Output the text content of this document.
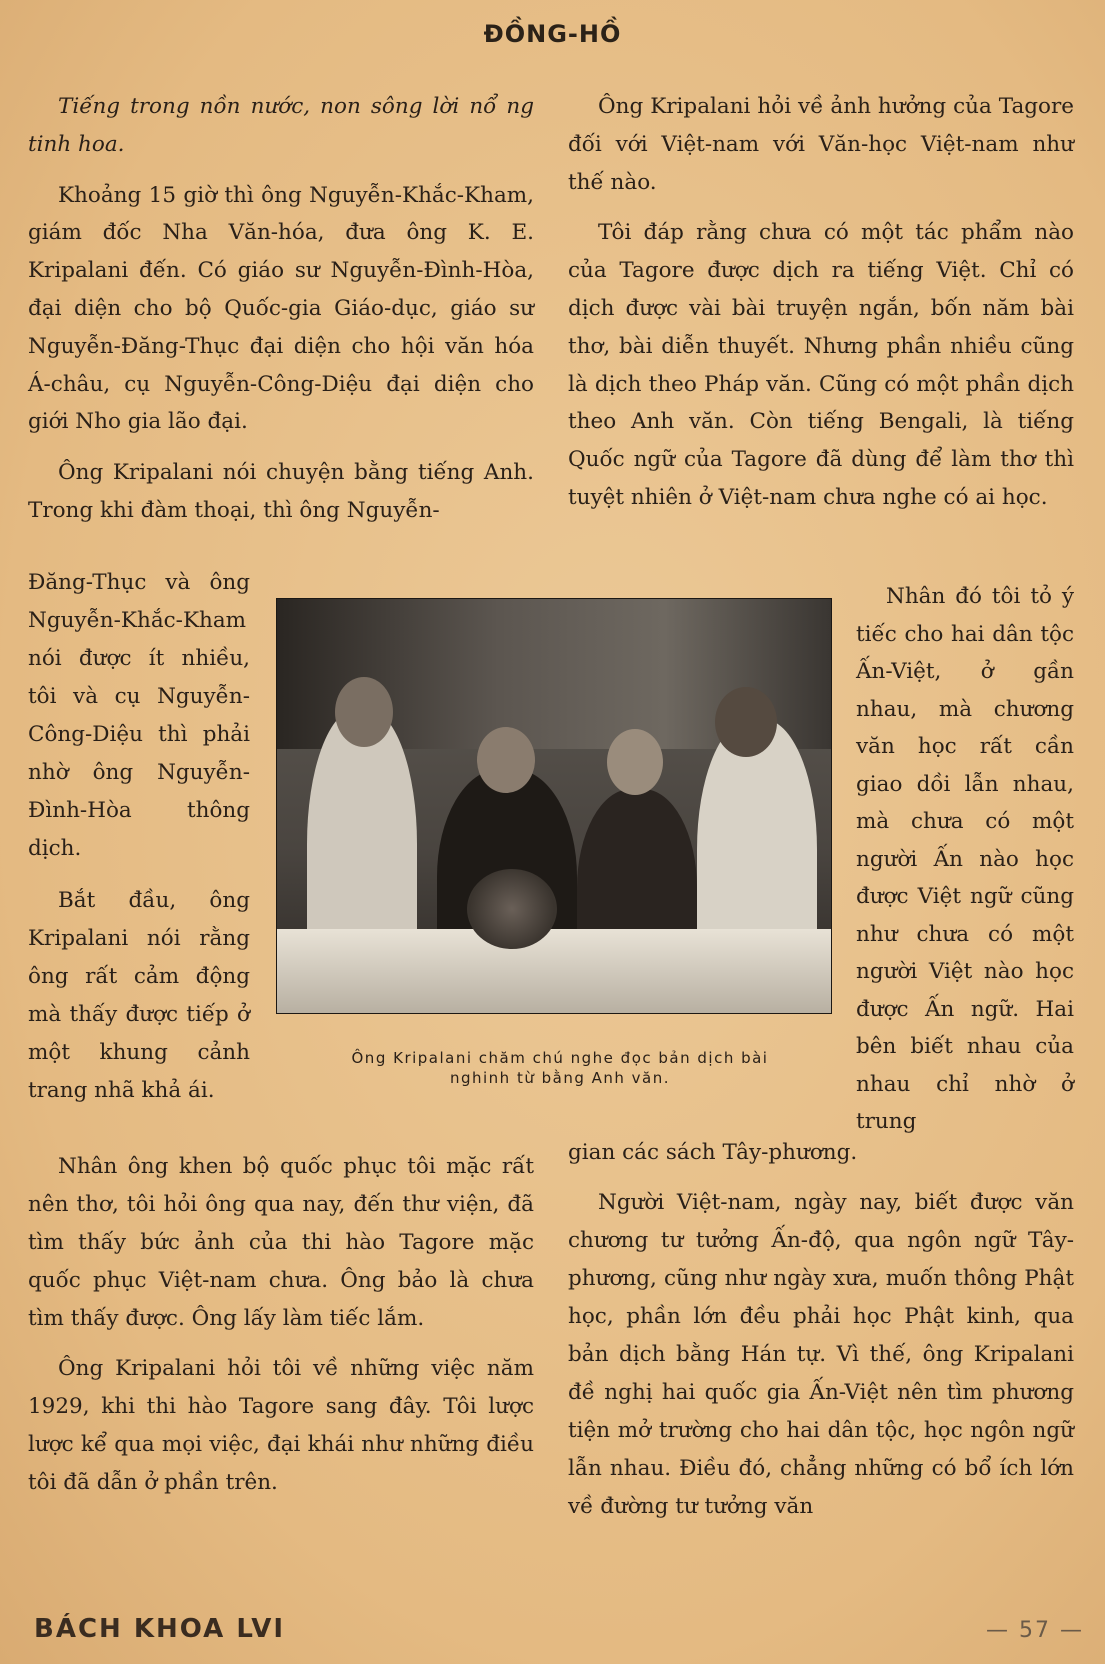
ĐỒNG-HỒ

Tiếng trong nồn nước, non sông lời nổ ng tinh hoa.

Khoảng 15 giờ thì ông Nguyễn-Khắc-Kham, giám đốc Nha Văn-hóa, đưa ông K. E. Kripalani đến. Có giáo sư Nguyễn-Đình-Hòa, đại diện cho bộ Quốc-gia Giáo-dục, giáo sư Nguyễn-Đăng-Thục đại diện cho hội văn hóa Á-châu, cụ Nguyễn-Công-Diệu đại diện cho giới Nho gia lão đại.

Ông Kripalani nói chuyện bằng tiếng Anh. Trong khi đàm thoại, thì ông Nguyễn-

Đăng-Thục và ông Nguyễn-Khắc-Kham nói được ít nhiều, tôi và cụ Nguyễn-Công-Diệu thì phải nhờ ông Nguyễn-Đình-Hòa thông dịch.

Bắt đầu, ông Kripalani nói rằng ông rất cảm động mà thấy được tiếp ở một khung cảnh trang nhã khả ái.

Ông Kripalani hỏi về ảnh hưởng của Tagore đối với Việt-nam với Văn-học Việt-nam như thế nào.

Tôi đáp rằng chưa có một tác phẩm nào của Tagore được dịch ra tiếng Việt. Chỉ có dịch được vài bài truyện ngắn, bốn năm bài thơ, bài diễn thuyết. Nhưng phần nhiều cũng là dịch theo Pháp văn. Cũng có một phần dịch theo Anh văn. Còn tiếng Bengali, là tiếng Quốc ngữ của Tagore đã dùng để làm thơ thì tuyệt nhiên ở Việt-nam chưa nghe có ai học.

Ông Kripalani chăm chú nghe đọc bản dịch bài
nghinh từ bằng Anh văn.

Nhân đó tôi tỏ ý tiếc cho hai dân tộc Ấn-Việt, ở gần nhau, mà chương văn học rất cần giao dồi lẫn nhau, mà chưa có một người Ấn nào học được Việt ngữ cũng như chưa có một người Việt nào học được Ấn ngữ. Hai bên biết nhau của nhau chỉ nhờ ở trung

Nhân ông khen bộ quốc phục tôi mặc rất nên thơ, tôi hỏi ông qua nay, đến thư viện, đã tìm thấy bức ảnh của thi hào Tagore mặc quốc phục Việt-nam chưa. Ông bảo là chưa tìm thấy được. Ông lấy làm tiếc lắm.

Ông Kripalani hỏi tôi về những việc năm 1929, khi thi hào Tagore sang đây. Tôi lược lược kể qua mọi việc, đại khái như những điều tôi đã dẫn ở phần trên.

gian các sách Tây-phương.

Người Việt-nam, ngày nay, biết được văn chương tư tưởng Ấn-độ, qua ngôn ngữ Tây-phương, cũng như ngày xưa, muốn thông Phật học, phần lớn đều phải học Phật kinh, qua bản dịch bằng Hán tự. Vì thế, ông Kripalani đề nghị hai quốc gia Ấn-Việt nên tìm phương tiện mở trường cho hai dân tộc, học ngôn ngữ lẫn nhau. Điều đó, chẳng những có bổ ích lớn về đường tư tưởng văn

BÁCH KHOA LVI	— 57 —
